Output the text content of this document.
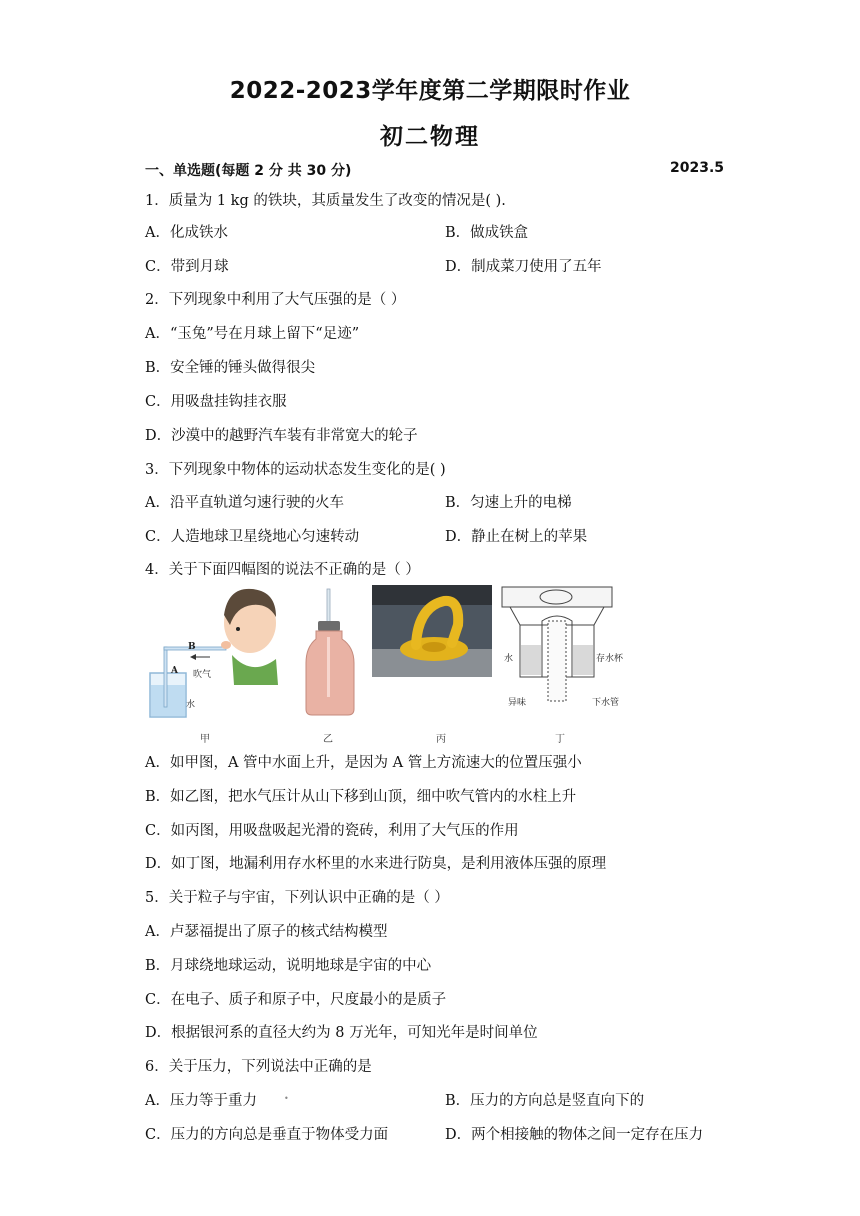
2022-2023学年度第二学期限时作业
初二物理
一、单选题(每题 2 分 共 30 分)	2023.5
1．质量为 1 kg 的铁块，其质量发生了改变的情况是( ).
A．化成铁水	B．做成铁盒
C．带到月球	D．制成菜刀使用了五年
2．下列现象中利用了大气压强的是（ ）
A．“玉兔”号在月球上留下“足迹”
B．安全锤的锤头做得很尖
C．用吸盘挂钩挂衣服
D．沙漠中的越野汽车装有非常宽大的轮子
3．下列现象中物体的运动状态发生变化的是( )
A．沿平直轨道匀速行驶的火车	B．匀速上升的电梯
C．人造地球卫星绕地心匀速转动	D．静止在树上的苹果
4．关于下面四幅图的说法不正确的是（ ）
B
A 吹气
水
水	存水杯
异味	下水管
甲	乙	丙	丁
A．如甲图，A 管中水面上升，是因为 A 管上方流速大的位置压强小
B．如乙图，把水气压计从山下移到山顶，细中吹气管内的水柱上升
C．如丙图，用吸盘吸起光滑的瓷砖，利用了大气压的作用
D．如丁图，地漏利用存水杯里的水来进行防臭，是利用液体压强的原理
5．关于粒子与宇宙，下列认识中正确的是（ ）
A．卢瑟福提出了原子的核式结构模型
B．月球绕地球运动，说明地球是宇宙的中心
C．在电子、质子和原子中，尺度最小的是质子
D．根据银河系的直径大约为 8 万光年，可知光年是时间单位
6．关于压力，下列说法中正确的是
A．压力等于重力	•	B．压力的方向总是竖直向下的
C．压力的方向总是垂直于物体受力面	D．两个相接触的物体之间一定存在压力
